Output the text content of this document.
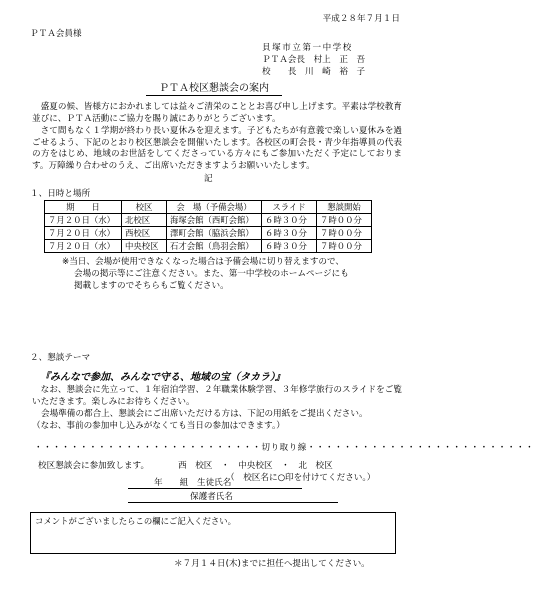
平成２８年７月１日
ＰＴＡ会員様
貝塚市立第一中学校
ＰＴＡ会長　村上　正　吾
校　　長　川　崎　裕　子
ＰＴＡ校区懇談会の案内
盛夏の候、皆様方におかれましては益々ご清栄のこととお喜び申し上げます。平素は学校教育並びに、ＰＴＡ活動にご協力を賜り誠にありがとうございます。
さて間もなく１学期が終わり長い夏休みを迎えます。子どもたちが有意義で楽しい夏休みを過ごせるよう、下記のとおり校区懇談会を開催いたします。各校区の町会長・青少年指導員の代表の方をはじめ、地域のお世話をしてくださっている方々にもご参加いただく予定にしております。万障繰り合わせのうえ、ご出席いただきますようお願いいたします。
記
１、日時と場所
期　　日	校区	会　場（予備会場）	スライド	懇談開始
７月２０日（水）	北校区	海塚会館（西町会館）	６時３０分	７時００分
７月２０日（水）	西校区	澤町会館（脇浜会館）	６時３０分	７時００分
７月２０日（水）	中央校区	石才会館（鳥羽会館）	６時３０分	７時００分
※当日、会場が使用できなくなった場合は予備会場に切り替えますので、
会場の掲示等にご注意ください。また、第一中学校のホームページにも
掲載しますのでそちらもご覧ください。
２、懇談テーマ
『みんなで参加、みんなで守る、地域の宝（タカラ）』
なお、懇談会に先立って、１年宿泊学習、２年職業体験学習、３年修学旅行のスライドをご覧いただきます。楽しみにお待ちください。
会場準備の都合上、懇談会にご出席いただける方は、下記の用紙をご提出ください。
（なお、事前の参加申し込みがなくても当日の参加はできます。）
・・・・・・・・・・・・・・・・・・・・・・・・・切り取り線・・・・・・・・・・・・・・・・・・・・・・・・・
校区懇談会に参加致します。	西　校区　・　中央校区　・　北　校区
（　校区名に○印を付けてください。）
年　　組　生徒氏名
保護者氏名
コメントがございましたらこの欄にご記入ください。
＊７月１４日(木)までに担任へ提出してください。
